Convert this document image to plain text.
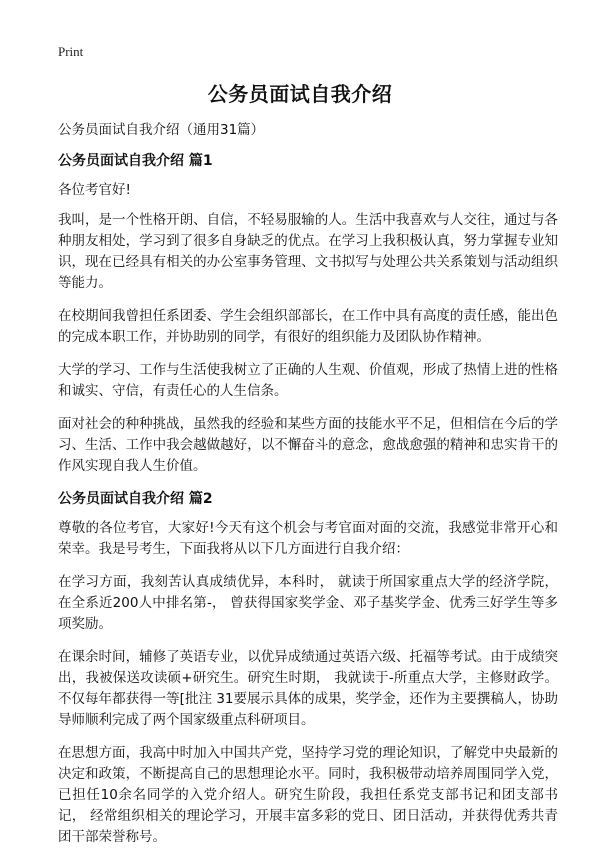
Print
公务员面试自我介绍

公务员面试自我介绍（通用31篇）

公务员面试自我介绍 篇1

各位考官好!

我叫，是一个性格开朗、自信，不轻易服输的人。生活中我喜欢与人交往，通过与各种朋友相处，学习到了很多自身缺乏的优点。在学习上我积极认真，努力掌握专业知识，现在已经具有相关的办公室事务管理、文书拟写与处理公共关系策划与活动组织等能力。

在校期间我曾担任系团委、学生会组织部部长，在工作中具有高度的责任感，能出色的完成本职工作，并协助别的同学，有很好的组织能力及团队协作精神。

大学的学习、工作与生活使我树立了正确的人生观、价值观，形成了热情上进的性格和诚实、守信，有责任心的人生信条。

面对社会的种种挑战，虽然我的经验和某些方面的技能水平不足，但相信在今后的学习、生活、工作中我会越做越好，以不懈奋斗的意念，愈战愈强的精神和忠实肯干的作风实现自我人生价值。

公务员面试自我介绍 篇2

尊敬的各位考官，大家好!今天有这个机会与考官面对面的交流，我感觉非常开心和荣幸。我是号考生，下面我将从以下几方面进行自我介绍：

在学习方面，我刻苦认真成绩优异，本科时， 就读于所国家重点大学的经济学院，在全系近200人中排名第-， 曾获得国家奖学金、邓子基奖学金、优秀三好学生等多项奖励。

在课余时间，辅修了英语专业，以优异成绩通过英语六级、托福等考试。由于成绩突出，我被保送攻读硕+研究生。研究生时期， 我就读于-所重点大学，主修财政学。不仅每年都获得一等[批注 31要展示具体的成果，奖学金，还作为主要撰稿人，协助导师顺利完成了两个国家级重点科研项目。

在思想方面，我高中时加入中国共产党，坚持学习党的理论知识，了解党中央最新的决定和政策，不断提高自己的思想理论水平。同时，我积极带动培养周围同学入党，已担任10余名同学的入党介绍人。研究生阶段，我担任系党支部书记和团支部书记， 经常组织相关的理论学习，开展丰富多彩的党日、团日活动，并获得优秀共青团干部荣誉称号。
